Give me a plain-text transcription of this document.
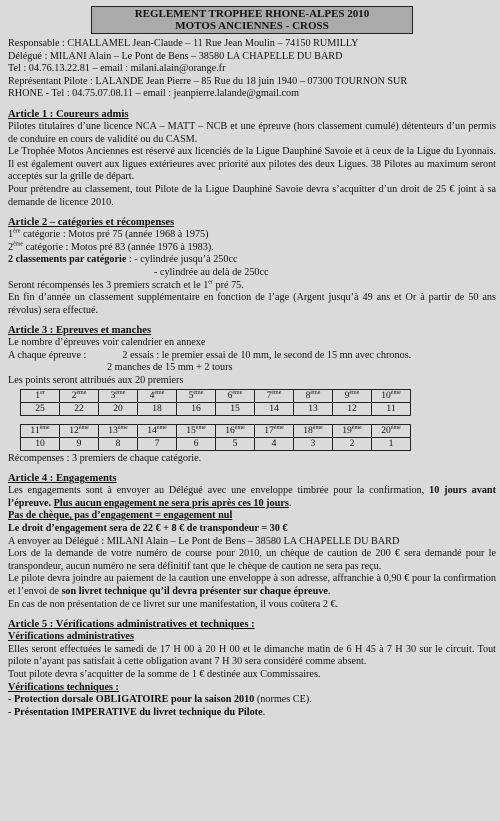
REGLEMENT TROPHEE RHONE-ALPES 2010
MOTOS ANCIENNES - CROSS
Responsable : CHALLAMEL Jean-Claude – 11 Rue Jean Moulin – 74150 RUMILLY
Délégué : MILANI Alain – Le Pont de Bens – 38580 LA CHAPELLE DU BARD
Tel : 04.76.13.22.81 – email : milani.alain@orange.fr
Représentant Pilote : LALANDE Jean Pierre – 85 Rue du 18 juin 1940 – 07300 TOURNON SUR
RHONE - Tel : 04.75.07.08.11 – email : jeanpierre.lalande@gmail.com
Article 1 : Coureurs admis
Pilotes titulaires d’une licence NCA – MATT – NCB et une épreuve (hors classement cumulé) détenteurs d’un permis de conduire en cours de validité ou du CASM.
Le Trophée Motos Anciennes est réservé aux licenciés de la Ligue Dauphiné Savoie et à ceux de la Ligue du Lyonnais. Il est également ouvert aux ligues extérieures avec priorité aux pilotes des deux Ligues. 38 Pilotes au maximum seront acceptés sur la grille de départ.
Pour prétendre au classement, tout Pilote de la Ligue Dauphiné Savoie devra s’acquitter d’un droit de 25 € joint à sa demande de licence 2010.
Article 2 – catégories et récompenses
1ère catégorie : Motos pré 75 (année 1968 à 1975)
2ème catégorie : Motos pré 83 (année 1976 à 1983).
2 classements par catégorie : - cylindrée jusqu’à 250cc
- cylindrée au delà de 250cc
Seront récompensés les 3 premiers scratch et le 1er pré 75.
En fin d’année un classement supplémentaire en fonction de l’age (Argent jusqu’à 49 ans et Or à partir de 50 ans révolus) sera effectué.
Article 3 : Epreuves et manches
Le nombre d’épreuves voir calendrier en annexe
A chaque épreuve :	2 essais : le premier essai de 10 mm, le second de 15 mn avec chronos.
2 manches de 15 mm + 2 tours
Les points seront attribués aux 20 premiers
1er	2ème	3ème	4ème	5ème	6ème	7ème	8ème	9ème	10ème
25	22	20	18	16	15	14	13	12	11
11ème	12ème	13ème	14ème	15ème	16ème	17ème	18ème	19ème	20ème
10	9	8	7	6	5	4	3	2	1
Récompenses : 3 premiers de chaque catégorie.
Article 4 : Engagements
Les engagements sont à envoyer au Délégué avec une enveloppe timbrée pour la confirmation, 10 jours avant l’épreuve. Plus aucun engagement ne sera pris après ces 10 jours.
Pas de chèque, pas d’engagement = engagement nul
Le droit d’engagement sera de 22 € + 8 € de transpondeur = 30 €
A envoyer au Délégué : MILANI Alain – Le Pont de Bens – 38580 LA CHAPELLE DU BARD
Lors de la demande de votre numéro de course pour 2010, un chèque de caution de 200 € sera demandé pour le transpondeur, aucun numéro ne sera définitif tant que le chèque de caution ne sera pas reçu.
Le pilote devra joindre au paiement de la caution une enveloppe à son adresse, affranchie à 0,90 € pour la confirmation et l’envoi de son livret technique qu’il devra présenter sur chaque épreuve.
En cas de non présentation de ce livret sur une manifestation, il vous coûtera 2 €.
Article 5 : Vérifications administratives et techniques :
Vérifications administratives
Elles seront effectuées le samedi de 17 H 00 à 20 H 00 et le dimanche matin de 6 H 45 à 7 H 30 sur le circuit. Tout pilote n’ayant pas satisfait à cette obligation avant 7 H 30 sera considéré comme absent.
Tout pilote devra s’acquitter de la somme de 1 € destinée aux Commissaires.
Vérifications techniques :
- Protection dorsale OBLIGATOIRE pour la saison 2010 (normes CE).
- Présentation IMPERATIVE du livret technique du Pilote.
